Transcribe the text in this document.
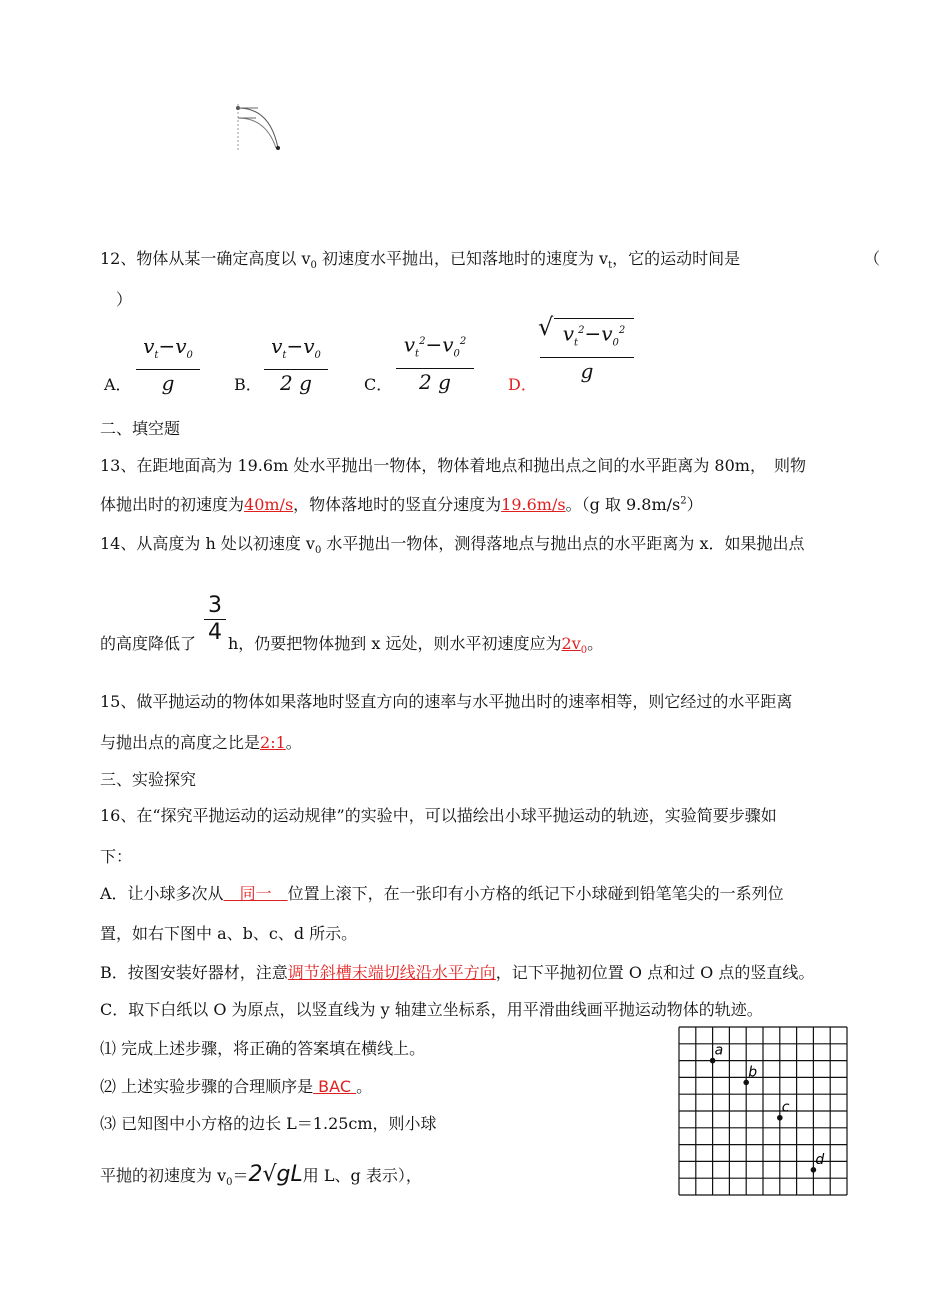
12、物体从某一确定高度以 $v_0$ 初速度水平抛出，已知落地时的速度为 $v_t$，它的运动时间是	（
）
A．
$v_t-v_0$
g	B．
$v_t-v_0$
2 g	C．
$v_t^2-v_0^2$
2 g	D．
√ $v_t^2-v_0^2$
g
二、填空题
13、在距地面高为 19.6m 处水平抛出一物体，物体着地点和抛出点之间的水平距离为 80m，　则物
体抛出时的初速度为40m/s，物体落地时的竖直分速度为19.6m/s。（g 取 $9.8m/s^2$）
14、从高度为 h 处以初速度 $v_0$ 水平抛出一物体，测得落地点与抛出点的水平距离为 x．如果抛出点
3
4
的高度降低了 h，仍要把物体抛到 x 远处，则水平初速度应为$2v_0$。
15、做平抛运动的物体如果落地时竖直方向的速率与水平抛出时的速率相等，则它经过的水平距离
与抛出点的高度之比是2:1。
三、实验探究
16、在“探究平抛运动的运动规律”的实验中，可以描绘出小球平抛运动的轨迹，实验简要步骤如
下：
A．让小球多次从　同一　位置上滚下，在一张印有小方格的纸记下小球碰到铅笔笔尖的一系列位
置，如右下图中 a、b、c、d 所示。
B．按图安装好器材，注意调节斜槽末端切线沿水平方向，记下平抛初位置 O 点和过 O 点的竖直线。
C．取下白纸以 O 为原点，以竖直线为 y 轴建立坐标系，用平滑曲线画平抛运动物体的轨迹。
⑴ 完成上述步骤，将正确的答案填在横线上。
⑵ 上述实验步骤的合理顺序是 BAC 。
⑶ 已知图中小方格的边长 L＝1.25cm，则小球
平抛的初速度为 $v_0=2√gL$用 L、g 表示），
a
b
c
d
